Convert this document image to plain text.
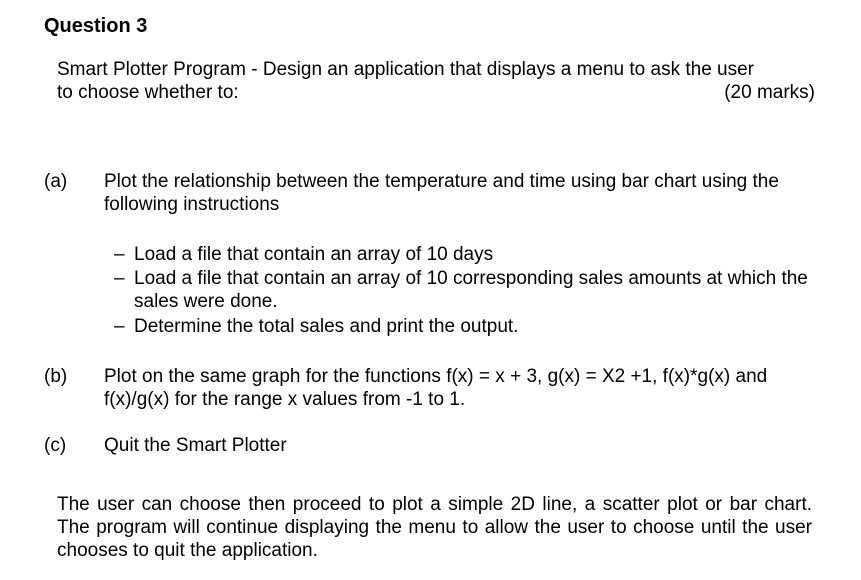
Question 3
Smart Plotter Program - Design an application that displays a menu to ask the user
to choose whether to:	(20 marks)
(a) Plot the relationship between the temperature and time using bar chart using the following instructions
– Load a file that contain an array of 10 days
– Load a file that contain an array of 10 corresponding sales amounts at which the sales were done.
– Determine the total sales and print the output.
(b) Plot on the same graph for the functions f(x) = x + 3, g(x) = X2 +1, f(x)*g(x) and f(x)/g(x) for the range x values from -1 to 1.
(c) Quit the Smart Plotter
The user can choose then proceed to plot a simple 2D line, a scatter plot or bar chart. The program will continue displaying the menu to allow the user to choose until the user chooses to quit the application.
